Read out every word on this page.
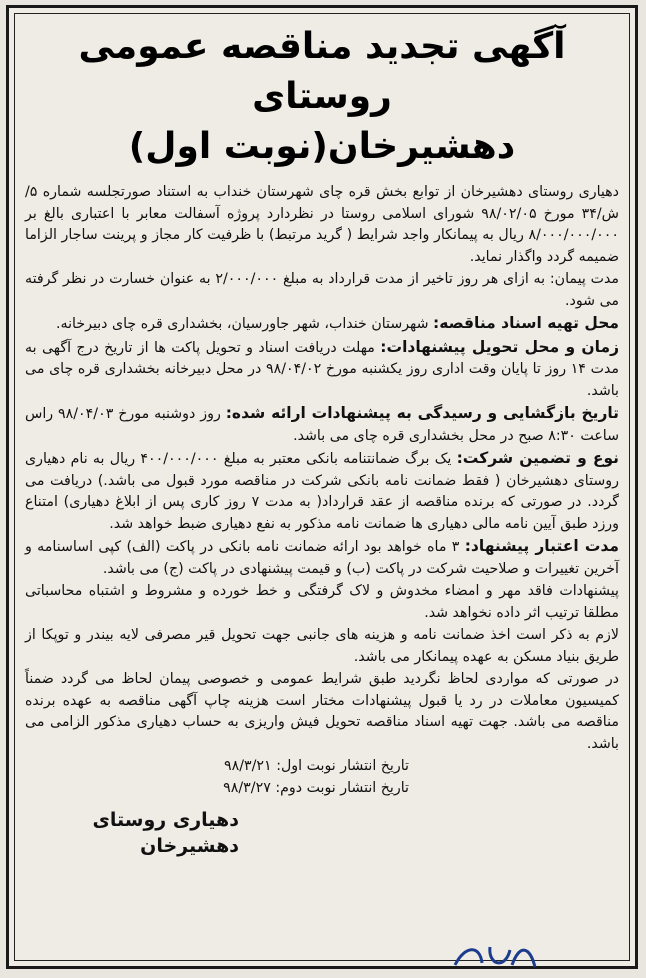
آگهی تجدید مناقصه عمومی روستای
دهشیرخان(نوبت اول)

دهیاری روستای دهشیرخان از توابع بخش قره چای شهرستان خنداب به استناد صورتجلسه شماره ۵/ش/۳۴ مورخ ۹۸/۰۲/۰۵ شورای اسلامی روستا در نظردارد پروژه آسفالت معابر با اعتباری بالغ بر ۸/۰۰۰/۰۰۰/۰۰۰ ریال به پیمانکار واجد شرایط ( گرید مرتبط) با ظرفیت کار مجاز و پرینت ساجار الزاما ضمیمه گردد واگذار نماید.

مدت پیمان: به ازای هر روز تاخیر از مدت قرارداد به مبلغ ۲/۰۰۰/۰۰۰ به عنوان خسارت در نظر گرفته می شود.

محل تهیه اسناد مناقصه: شهرستان خنداب، شهر جاورسیان، بخشداری قره چای دبیرخانه.

زمان و محل تحویل پیشنهادات: مهلت دریافت اسناد و تحویل پاکت ها از تاریخ درج آگهی به مدت ۱۴ روز تا پایان وقت اداری روز یکشنبه مورخ ۹۸/۰۴/۰۲ در محل دبیرخانه بخشداری قره چای می باشد.

تاریخ بازگشایی و رسیدگی به پیشنهادات ارائه شده: روز دوشنبه مورخ ۹۸/۰۴/۰۳ راس ساعت ۸:۳۰ صبح در محل بخشداری قره چای می باشد.

نوع و تضمین شرکت: یک برگ ضمانتنامه بانکی معتبر به مبلغ ۴۰۰/۰۰۰/۰۰۰ ریال به نام دهیاری روستای دهشیرخان ( فقط ضمانت نامه بانکی شرکت در مناقصه مورد قبول می باشد.) دریافت می گردد. در صورتی که برنده مناقصه از عقد قرارداد( به مدت ۷ روز کاری پس از ابلاغ دهیاری) امتناع ورزد طبق آیین نامه مالی دهیاری ها ضمانت نامه مذکور به نفع دهیاری ضبط خواهد شد.

مدت اعتبار پیشنهاد: ۳ ماه خواهد بود ارائه ضمانت نامه بانکی در پاکت (الف) کپی اساسنامه و آخرین تغییرات و صلاحیت شرکت در پاکت (ب) و قیمت پیشنهادی در پاکت (ج) می باشد.

پیشنهادات فاقد مهر و امضاء مخدوش و لاک گرفتگی و خط خورده و مشروط و اشتباه محاسباتی مطلقا ترتیب اثر داده نخواهد شد.

لازم به ذکر است اخذ ضمانت نامه و هزینه های جانبی جهت تحویل قیر مصرفی لایه بیندر و توپکا از طریق بنیاد مسکن به عهده پیمانکار می باشد.

در صورتی که مواردی لحاظ نگردید طبق شرایط عمومی و خصوصی پیمان لحاظ می گردد ضمناً کمیسیون معاملات در رد یا قبول پیشنهادات مختار است هزینه چاپ آگهی مناقصه به عهده برنده مناقصه می باشد. جهت تهیه اسناد مناقصه تحویل فیش واریزی به حساب دهیاری مذکور الزامی می باشد.

تاریخ انتشار نوبت اول: ۹۸/۳/۲۱
تاریخ انتشار نوبت دوم: ۹۸/۳/۲۷
دهیاری روستای دهشیرخان
